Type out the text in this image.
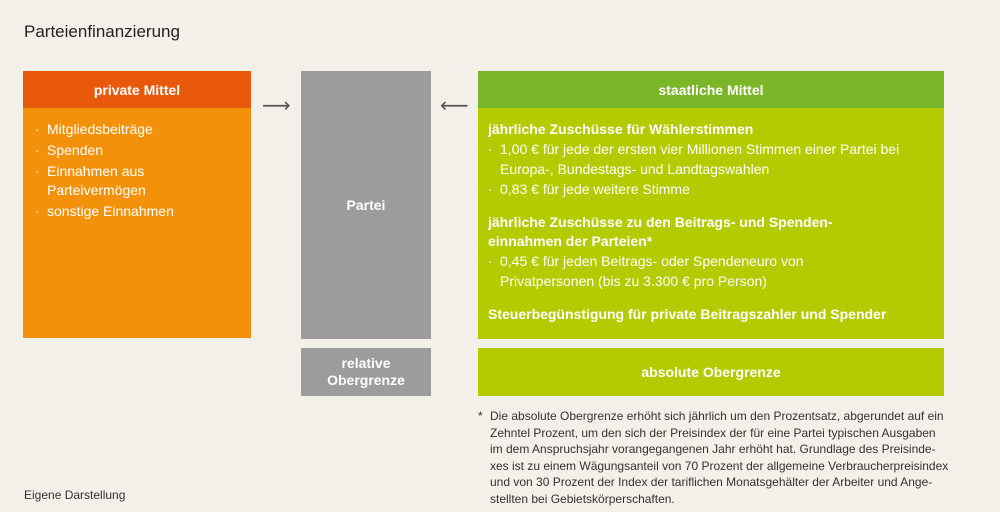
Parteienfinanzierung
private Mittel
· Mitgliedsbeiträge
· Spenden
· Einnahmen aus Parteivermögen
· sonstige Einnahmen
⟶	⟵
Partei
relative
Obergrenze
staatliche Mittel
jährliche Zuschüsse für Wählerstimmen
· 1,00 € für jede der ersten vier Millionen Stimmen einer Partei bei Europa-, Bundestags- und Landtagswahlen
· 0,83 € für jede weitere Stimme
jährliche Zuschüsse zu den Beitrags- und Spenden-
einnahmen der Parteien*
· 0,45 € für jeden Beitrags- oder Spendeneuro von Privatpersonen (bis zu 3.300 € pro Person)
Steuerbegünstigung für private Beitragszahler und Spender
absolute Obergrenze
* Die absolute Obergrenze erhöht sich jährlich um den Prozentsatz, abgerundet auf ein
Zehntel Prozent, um den sich der Preisindex der für eine Partei typischen Ausgaben
im dem Anspruchsjahr vorangegangenen Jahr erhöht hat. Grundlage des Preisinde-
xes ist zu einem Wägungsanteil von 70 Prozent der allgemeine Verbraucherpreisindex
und von 30 Prozent der Index der tariflichen Monatsgehälter der Arbeiter und Ange-
stellten bei Gebietskörperschaften.
Eigene Darstellung
